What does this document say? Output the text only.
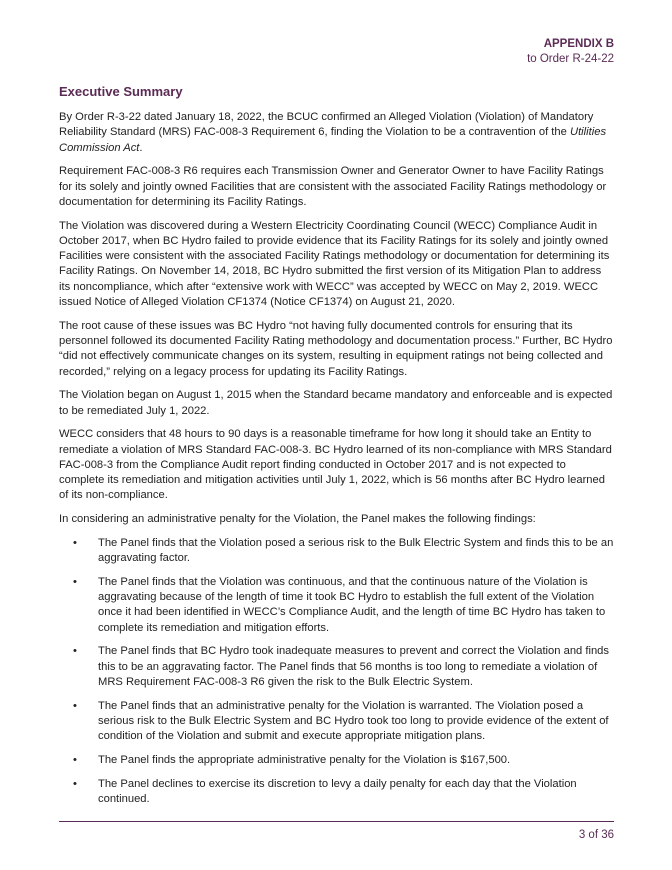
APPENDIX B
to Order R-24-22
Executive Summary

By Order R-3-22 dated January 18, 2022, the BCUC confirmed an Alleged Violation (Violation) of Mandatory Reliability Standard (MRS) FAC-008-3 Requirement 6, finding the Violation to be a contravention of the Utilities Commission Act.

Requirement FAC-008-3 R6 requires each Transmission Owner and Generator Owner to have Facility Ratings for its solely and jointly owned Facilities that are consistent with the associated Facility Ratings methodology or documentation for determining its Facility Ratings.

The Violation was discovered during a Western Electricity Coordinating Council (WECC) Compliance Audit in October 2017, when BC Hydro failed to provide evidence that its Facility Ratings for its solely and jointly owned Facilities were consistent with the associated Facility Ratings methodology or documentation for determining its Facility Ratings. On November 14, 2018, BC Hydro submitted the first version of its Mitigation Plan to address its noncompliance, which after “extensive work with WECC” was accepted by WECC on May 2, 2019. WECC issued Notice of Alleged Violation CF1374 (Notice CF1374) on August 21, 2020.

The root cause of these issues was BC Hydro “not having fully documented controls for ensuring that its personnel followed its documented Facility Rating methodology and documentation process.” Further, BC Hydro “did not effectively communicate changes on its system, resulting in equipment ratings not being collected and recorded,” relying on a legacy process for updating its Facility Ratings.

The Violation began on August 1, 2015 when the Standard became mandatory and enforceable and is expected to be remediated July 1, 2022.

WECC considers that 48 hours to 90 days is a reasonable timeframe for how long it should take an Entity to remediate a violation of MRS Standard FAC-008-3. BC Hydro learned of its non-compliance with MRS Standard FAC-008-3 from the Compliance Audit report finding conducted in October 2017 and is not expected to complete its remediation and mitigation activities until July 1, 2022, which is 56 months after BC Hydro learned of its non-compliance.

In considering an administrative penalty for the Violation, the Panel makes the following findings:

• The Panel finds that the Violation posed a serious risk to the Bulk Electric System and finds this to be an aggravating factor.
• The Panel finds that the Violation was continuous, and that the continuous nature of the Violation is aggravating because of the length of time it took BC Hydro to establish the full extent of the Violation once it had been identified in WECC’s Compliance Audit, and the length of time BC Hydro has taken to complete its remediation and mitigation efforts.
• The Panel finds that BC Hydro took inadequate measures to prevent and correct the Violation and finds this to be an aggravating factor. The Panel finds that 56 months is too long to remediate a violation of MRS Requirement FAC-008-3 R6 given the risk to the Bulk Electric System.
• The Panel finds that an administrative penalty for the Violation is warranted. The Violation posed a serious risk to the Bulk Electric System and BC Hydro took too long to provide evidence of the extent of condition of the Violation and submit and execute appropriate mitigation plans.
• The Panel finds the appropriate administrative penalty for the Violation is $167,500.
• The Panel declines to exercise its discretion to levy a daily penalty for each day that the Violation continued.
3 of 36
